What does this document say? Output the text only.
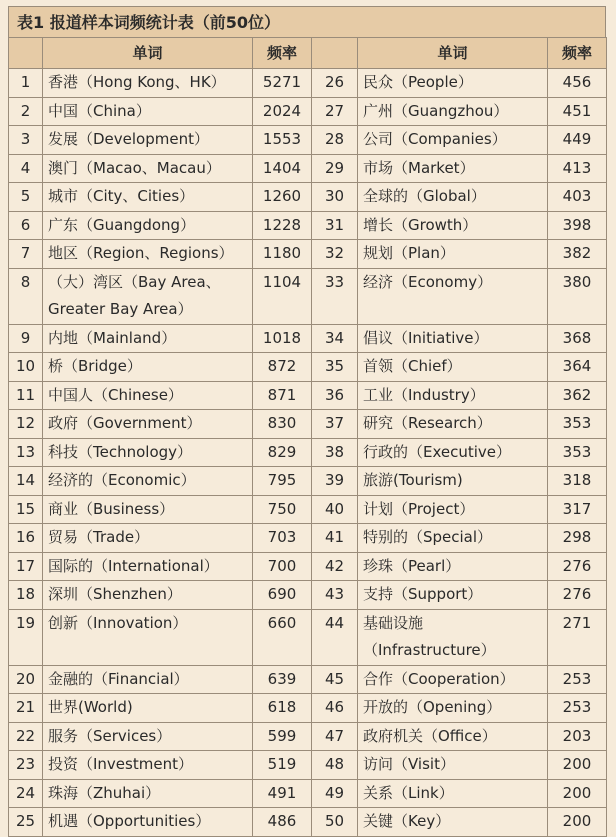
表1 报道样本词频统计表（前50位）
	单词	频率		单词	频率
1	香港（Hong Kong、HK）	5271	26	民众（People）	456
2	中国（China）	2024	27	广州（Guangzhou）	451
3	发展（Development）	1553	28	公司（Companies）	449
4	澳门（Macao、Macau）	1404	29	市场（Market）	413
5	城市（City、Cities）	1260	30	全球的（Global）	403
6	广东（Guangdong）	1228	31	增长（Growth）	398
7	地区（Region、Regions）	1180	32	规划（Plan）	382
8	（大）湾区（Bay Area、Greater Bay Area）	1104	33	经济（Economy）	380
9	内地（Mainland）	1018	34	倡议（Initiative）	368
10	桥（Bridge）	872	35	首领（Chief）	364
11	中国人（Chinese）	871	36	工业（Industry）	362
12	政府（Government）	830	37	研究（Research）	353
13	科技（Technology）	829	38	行政的（Executive）	353
14	经济的（Economic）	795	39	旅游(Tourism)	318
15	商业（Business）	750	40	计划（Project）	317
16	贸易（Trade）	703	41	特别的（Special）	298
17	国际的（International）	700	42	珍珠（Pearl）	276
18	深圳（Shenzhen）	690	43	支持（Support）	276
19	创新（Innovation）	660	44	基础设施（Infrastructure）	271
20	金融的（Financial）	639	45	合作（Cooperation）	253
21	世界(World)	618	46	开放的（Opening）	253
22	服务（Services）	599	47	政府机关（Office）	203
23	投资（Investment）	519	48	访问（Visit）	200
24	珠海（Zhuhai）	491	49	关系（Link）	200
25	机遇（Opportunities）	486	50	关键（Key）	200
